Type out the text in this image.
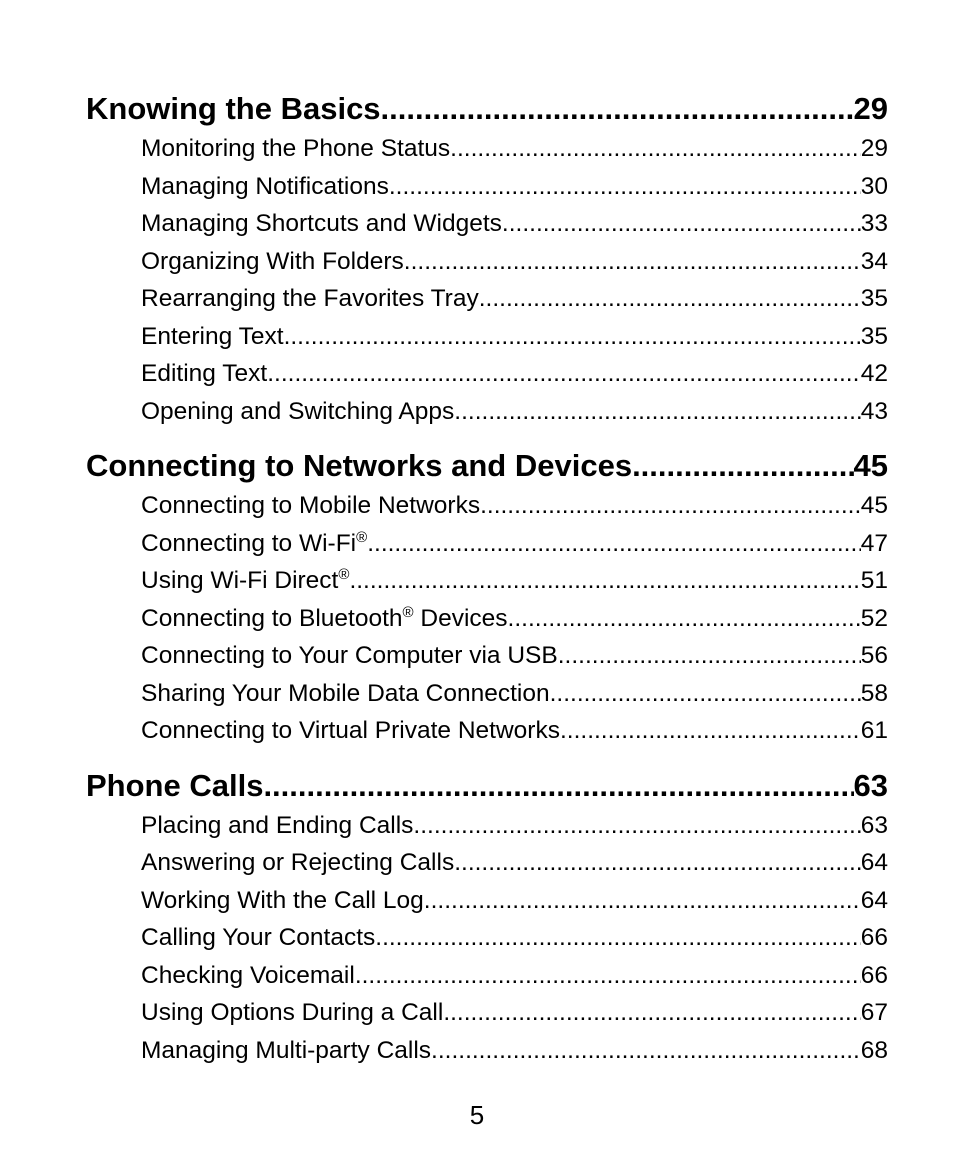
Knowing the Basics .....	29
Monitoring the Phone Status .....	29
Managing Notifications .....	30
Managing Shortcuts and Widgets .....	33
Organizing With Folders .....	34
Rearranging the Favorites Tray .....	35
Entering Text .....	35
Editing Text .....	42
Opening and Switching Apps .....	43
Connecting to Networks and Devices .....	45
Connecting to Mobile Networks .....	45
Connecting to Wi-Fi® .....	47
Using Wi-Fi Direct® .....	51
Connecting to Bluetooth® Devices .....	52
Connecting to Your Computer via USB .....	56
Sharing Your Mobile Data Connection .....	58
Connecting to Virtual Private Networks .....	61
Phone Calls .....	63
Placing and Ending Calls .....	63
Answering or Rejecting Calls .....	64
Working With the Call Log .....	64
Calling Your Contacts .....	66
Checking Voicemail .....	66
Using Options During a Call .....	67
Managing Multi-party Calls .....	68
5
